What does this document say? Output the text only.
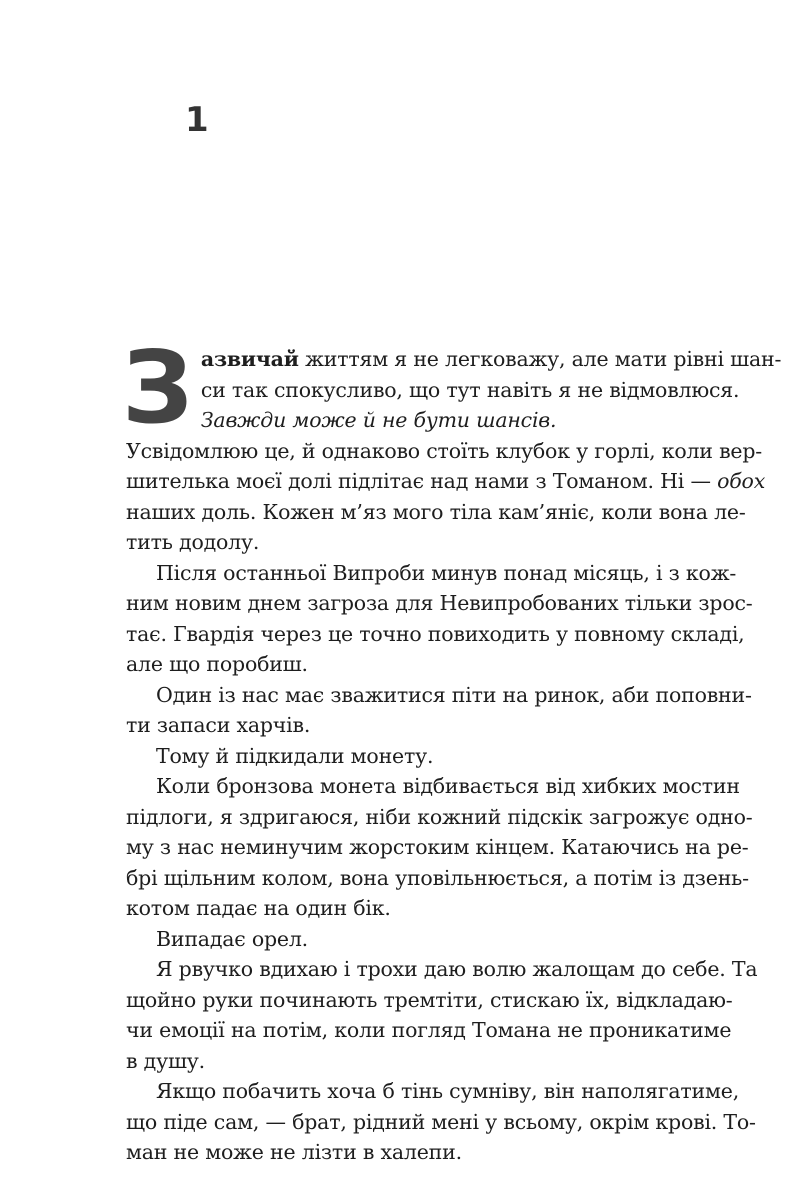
1
З азвичай життям я не легковажу, але мати рівні шан-
си так спокусливо, що тут навіть я не відмовлюся.
Завжди може й не бути шансів.
Усвідомлюю це, й однаково стоїть клубок у горлі, коли вер-
шителька моєї долі підлітає над нами з Томаном. Ні — обох
наших доль. Кожен м’яз мого тіла кам’яніє, коли вона ле-
тить додолу.
Після останньої Випроби минув понад місяць, і з кож-
ним новим днем загроза для Невипробованих тільки зрос-
тає. Гвардія через це точно повиходить у повному складі,
але що поробиш.
Один із нас має зважитися піти на ринок, аби поповни-
ти запаси харчів.
Тому й підкидали монету.
Коли бронзова монета відбивається від хибких мостин
підлоги, я здригаюся, ніби кожний підскік загрожує одно-
му з нас неминучим жорстоким кінцем. Катаючись на ре-
брі щільним колом, вона уповільнюється, а потім із дзень-
котом падає на один бік.
Випадає орел.
Я рвучко вдихаю і трохи даю волю жалощам до себе. Та
щойно руки починають тремтіти, стискаю їх, відкладаю-
чи емоції на потім, коли погляд Томана не проникатиме
в душу.
Якщо побачить хоча б тінь сумніву, він наполягатиме,
що піде сам, — брат, рідний мені у всьому, окрім крові. То-
ман не може не лізти в халепи.
